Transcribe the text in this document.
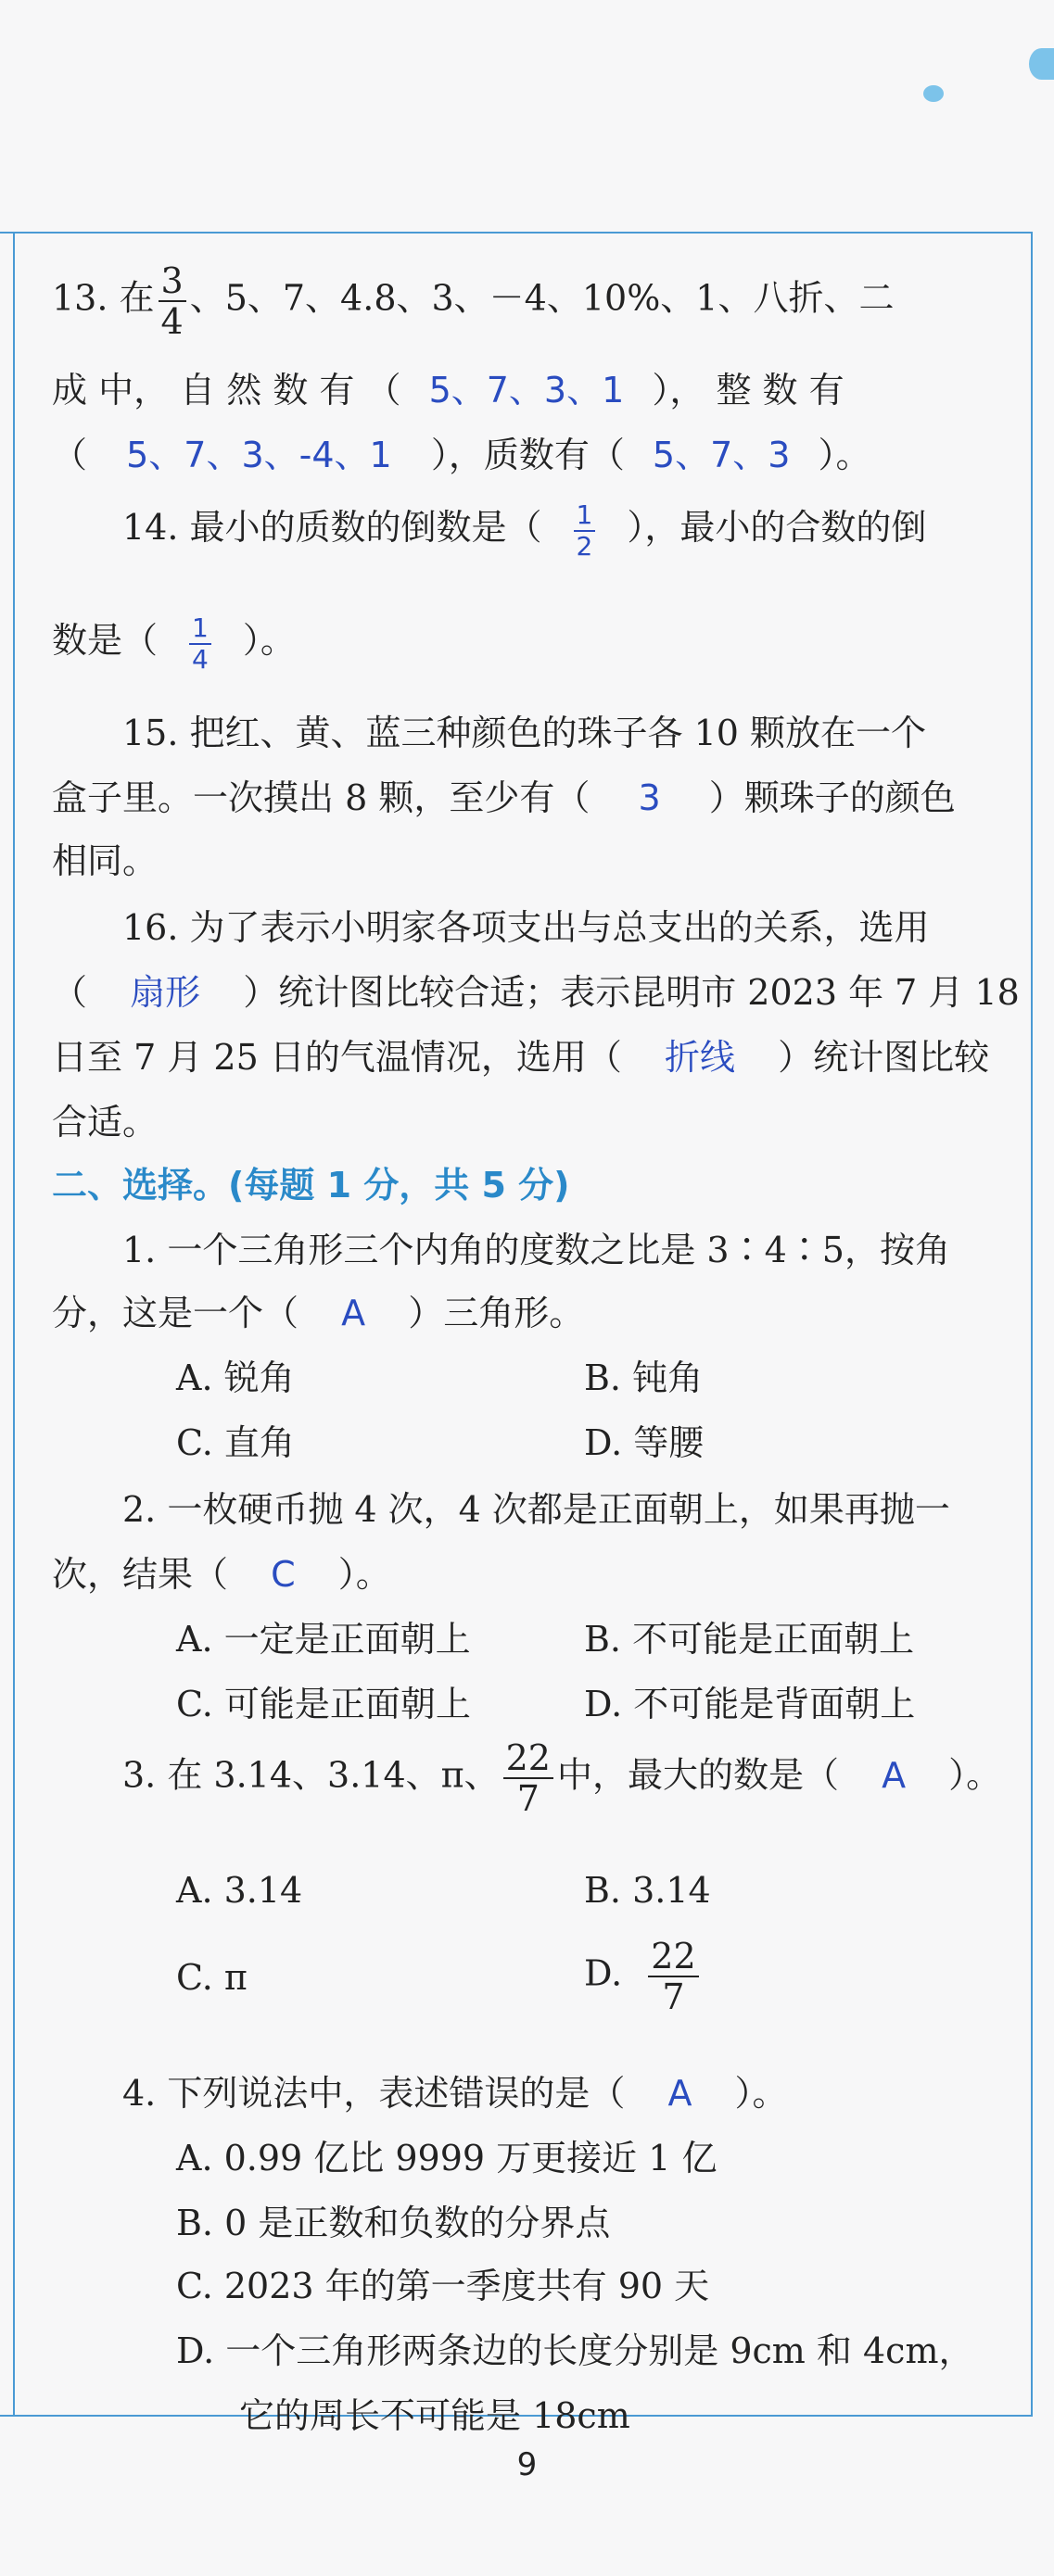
13. 在 $\frac{3}{4}$ 、5、7、4.8、3、－4、10%、1、八折、二
成 中， 自 然 数 有 （ 5、7、3、1 ）， 整 数 有
（ 5、7、3、-4、1 ），质数有（ 5、7、3 ）。
14. 最小的质数的倒数是（ $\frac{1}{2}$ ），最小的合数的倒
数是（ $\frac{1}{4}$ ）。
15. 把红、黄、蓝三种颜色的珠子各 10 颗放在一个
盒子里。一次摸出 8 颗，至少有（ 3 ）颗珠子的颜色
相同。
16. 为了表示小明家各项支出与总支出的关系，选用
（ 扇形 ）统计图比较合适；表示昆明市 2023 年 7 月 18
日至 7 月 25 日的气温情况，选用（ 折线 ）统计图比较
合适。
二、选择。(每题 1 分，共 5 分)
1. 一个三角形三个内角的度数之比是 3∶4∶5，按角
分，这是一个（ A ）三角形。
A. 锐角	B. 钝角
C. 直角	D. 等腰
2. 一枚硬币抛 4 次，4 次都是正面朝上，如果再抛一
次，结果（ C ）。
A. 一定是正面朝上	B. 不可能是正面朝上
C. 可能是正面朝上	D. 不可能是背面朝上
3. 在 3.14、3.14、π、 $\frac{22}{7}$ 中，最大的数是（ A ）。
A. 3.14	B. 3.14
C. π	D. $\frac{22}{7}$
4. 下列说法中，表述错误的是（ A ）。
A. 0.99 亿比 9999 万更接近 1 亿
B. 0 是正数和负数的分界点
C. 2023 年的第一季度共有 90 天
D. 一个三角形两条边的长度分别是 9cm 和 4cm，
它的周长不可能是 18cm
9
